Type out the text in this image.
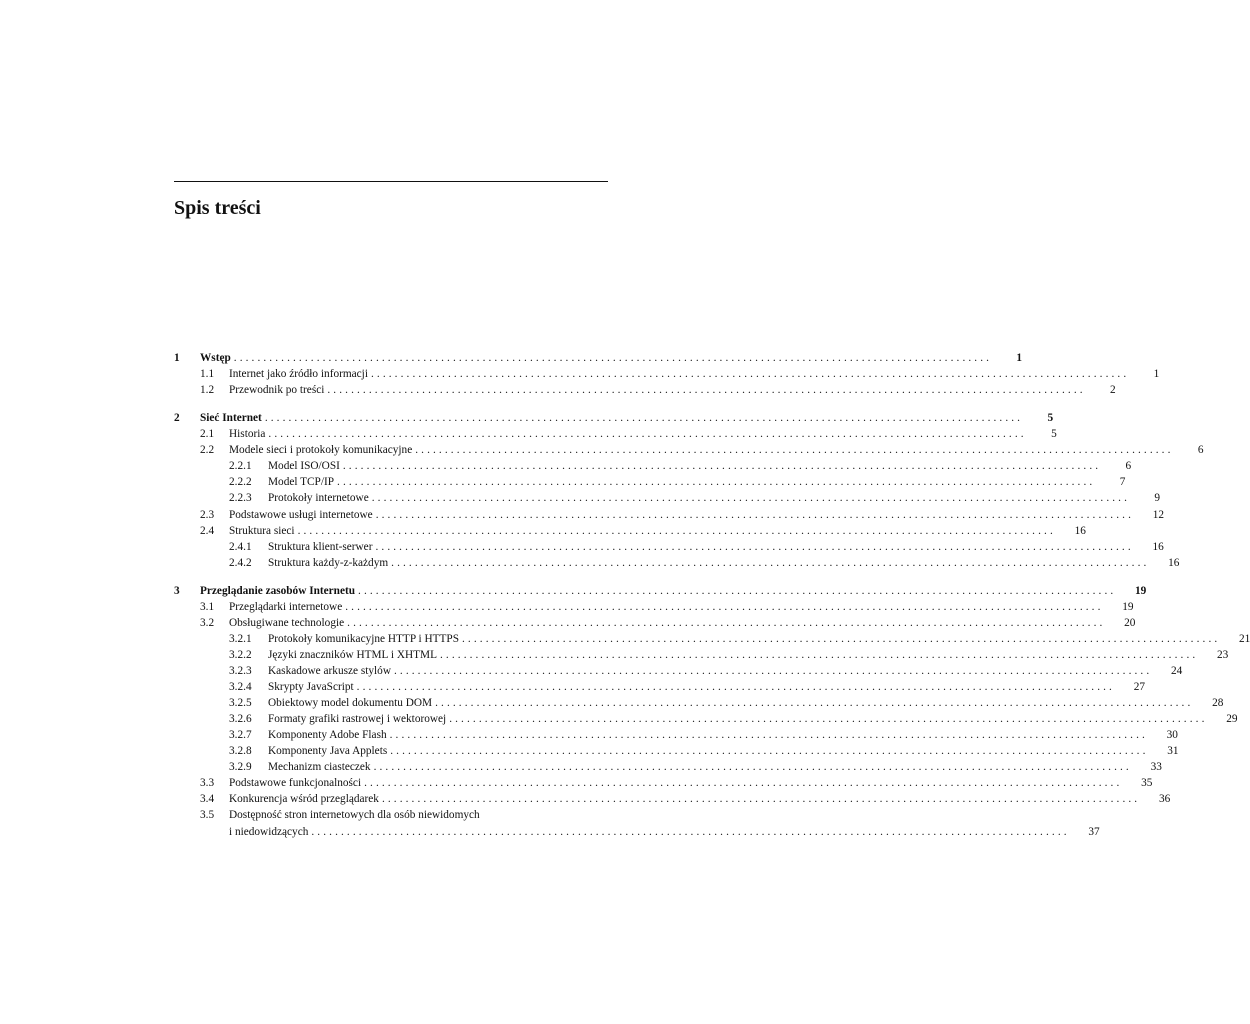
Spis treści
1 Wstęp ................................................................................................................................	1
1.1 Internet jako źródło informacji ................................................................................................................................	1
1.2 Przewodnik po treści ................................................................................................................................	2
2 Sieć Internet ................................................................................................................................	5
2.1 Historia ................................................................................................................................	5
2.2 Modele sieci i protokoły komunikacyjne ................................................................................................................................	6
2.2.1 Model ISO/OSI ................................................................................................................................	6
2.2.2 Model TCP/IP ................................................................................................................................	7
2.2.3 Protokoły internetowe ................................................................................................................................	9
2.3 Podstawowe usługi internetowe ................................................................................................................................	12
2.4 Struktura sieci ................................................................................................................................	16
2.4.1 Struktura klient-serwer ................................................................................................................................	16
2.4.2 Struktura każdy-z-każdym ................................................................................................................................	16
3 Przeglądanie zasobów Internetu ................................................................................................................................	19
3.1 Przeglądarki internetowe ................................................................................................................................	19
3.2 Obsługiwane technologie ................................................................................................................................	20
3.2.1 Protokoły komunikacyjne HTTP i HTTPS ................................................................................................................................	21
3.2.2 Języki znaczników HTML i XHTML ................................................................................................................................	23
3.2.3 Kaskadowe arkusze stylów ................................................................................................................................	24
3.2.4 Skrypty JavaScript ................................................................................................................................	27
3.2.5 Obiektowy model dokumentu DOM ................................................................................................................................	28
3.2.6 Formaty grafiki rastrowej i wektorowej ................................................................................................................................	29
3.2.7 Komponenty Adobe Flash ................................................................................................................................	30
3.2.8 Komponenty Java Applets ................................................................................................................................	31
3.2.9 Mechanizm ciasteczek ................................................................................................................................	33
3.3 Podstawowe funkcjonalności ................................................................................................................................	35
3.4 Konkurencja wśród przeglądarek ................................................................................................................................	36
3.5 Dostępność stron internetowych dla osób niewidomych
i niedowidzących ................................................................................................................................	37
